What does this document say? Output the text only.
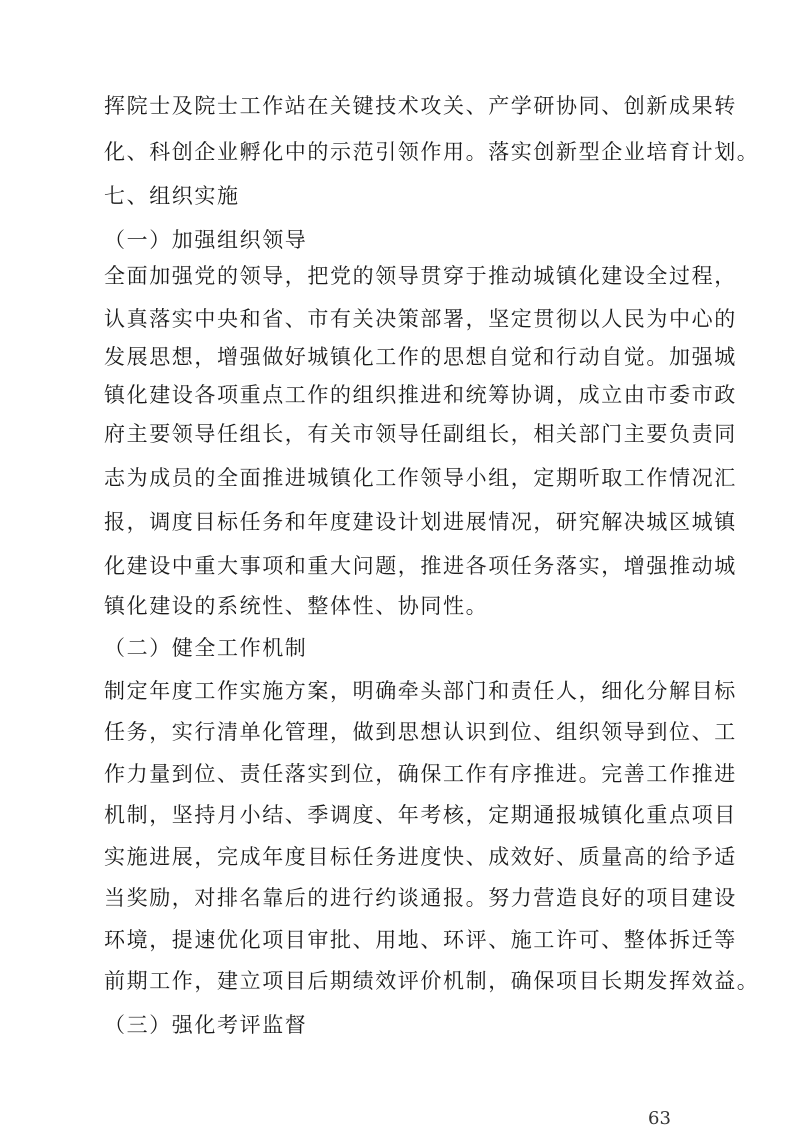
挥院士及院士工作站在关键技术攻关、产学研协同、创新成果转
化、科创企业孵化中的示范引领作用。落实创新型企业培育计划。
七、组织实施
（一）加强组织领导
全面加强党的领导，把党的领导贯穿于推动城镇化建设全过程，
认真落实中央和省、市有关决策部署，坚定贯彻以人民为中心的
发展思想，增强做好城镇化工作的思想自觉和行动自觉。加强城
镇化建设各项重点工作的组织推进和统筹协调，成立由市委市政
府主要领导任组长，有关市领导任副组长，相关部门主要负责同
志为成员的全面推进城镇化工作领导小组，定期听取工作情况汇
报，调度目标任务和年度建设计划进展情况，研究解决城区城镇
化建设中重大事项和重大问题，推进各项任务落实，增强推动城
镇化建设的系统性、整体性、协同性。
（二）健全工作机制
制定年度工作实施方案，明确牵头部门和责任人，细化分解目标
任务，实行清单化管理，做到思想认识到位、组织领导到位、工
作力量到位、责任落实到位，确保工作有序推进。完善工作推进
机制，坚持月小结、季调度、年考核，定期通报城镇化重点项目
实施进展，完成年度目标任务进度快、成效好、质量高的给予适
当奖励，对排名靠后的进行约谈通报。努力营造良好的项目建设
环境，提速优化项目审批、用地、环评、施工许可、整体拆迁等
前期工作，建立项目后期绩效评价机制，确保项目长期发挥效益。
（三）强化考评监督
63
